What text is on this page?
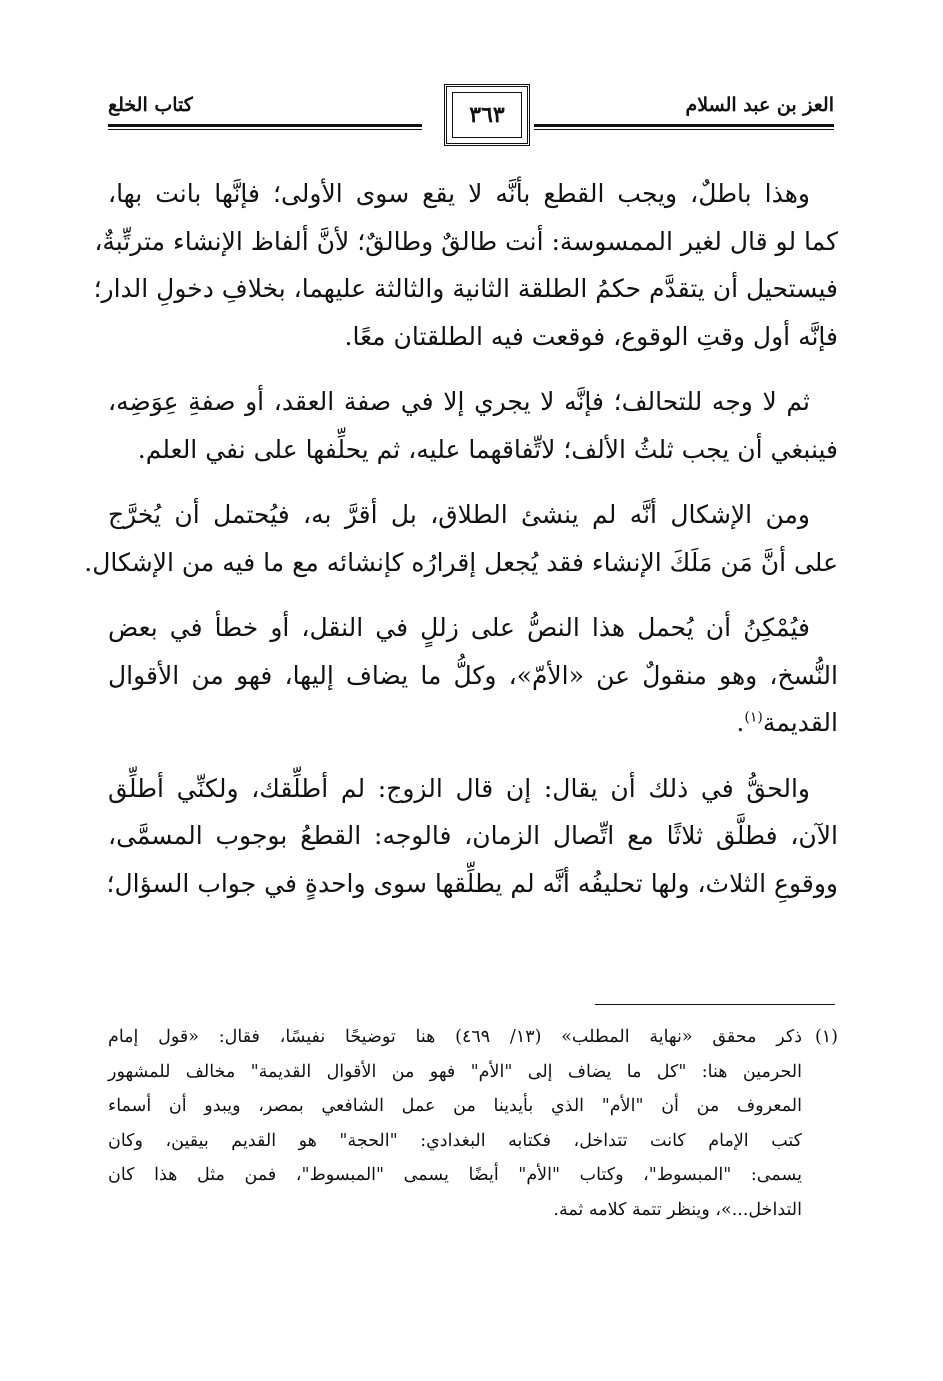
العز بن عبد السلام
٣٦٣
كتاب الخلع
وهذا باطلٌ، ويجب القطع بأنَّه لا يقع سوى الأولى؛ فإنَّها بانت بها،
كما لو قال لغير الممسوسة: أنت طالقٌ وطالقٌ؛ لأنَّ ألفاظ الإنشاء مترتِّبةٌ،
فيستحيل أن يتقدَّم حكمُ الطلقة الثانية والثالثة عليهما، بخلافِ دخولِ الدار؛
فإنَّه أول وقتِ الوقوع، فوقعت فيه الطلقتان معًا.
ثم لا وجه للتحالف؛ فإنَّه لا يجري إلا في صفة العقد، أو صفةِ عِوَضِه،
فينبغي أن يجب ثلثُ الألف؛ لاتِّفاقهما عليه، ثم يحلِّفها على نفي العلم.
ومن الإشكال أنَّه لم ينشئ الطلاق، بل أقرَّ به، فيُحتمل أن يُخرَّج
على أنَّ مَن مَلَكَ الإنشاء فقد يُجعل إقرارُه كإنشائه مع ما فيه من الإشكال.
فيُمْكِنُ أن يُحمل هذا النصُّ على زللٍ في النقل، أو خطأ في بعض
النُّسخ، وهو منقولٌ عن «الأمّ»، وكلُّ ما يضاف إليها، فهو من الأقوال
القديمة$^{(١)}$.
والحقُّ في ذلك أن يقال: إن قال الزوج: لم أطلِّقك، ولكنِّي أطلِّق
الآن، فطلَّق ثلاثًا مع اتِّصال الزمان، فالوجه: القطعُ بوجوب المسمَّى،
ووقوعِ الثلاث، ولها تحليفُه أنَّه لم يطلِّقها سوى واحدةٍ في جواب السؤال؛
(١)ذكر محقق «نهاية المطلب» (١٣/ ٤٦٩) هنا توضيحًا نفيسًا، فقال: «قول إمام
الحرمين هنا: "كل ما يضاف إلى "الأم" فهو من الأقوال القديمة" مخالف للمشهور
المعروف من أن "الأم" الذي بأيدينا من عمل الشافعي بمصر، ويبدو أن أسماء
كتب الإمام كانت تتداخل، فكتابه البغدادي: "الحجة" هو القديم بيقين، وكان
يسمى: "المبسوط"، وكتاب "الأم" أيضًا يسمى "المبسوط"، فمن مثل هذا كان
التداخل...»، وينظر تتمة كلامه ثمة.
